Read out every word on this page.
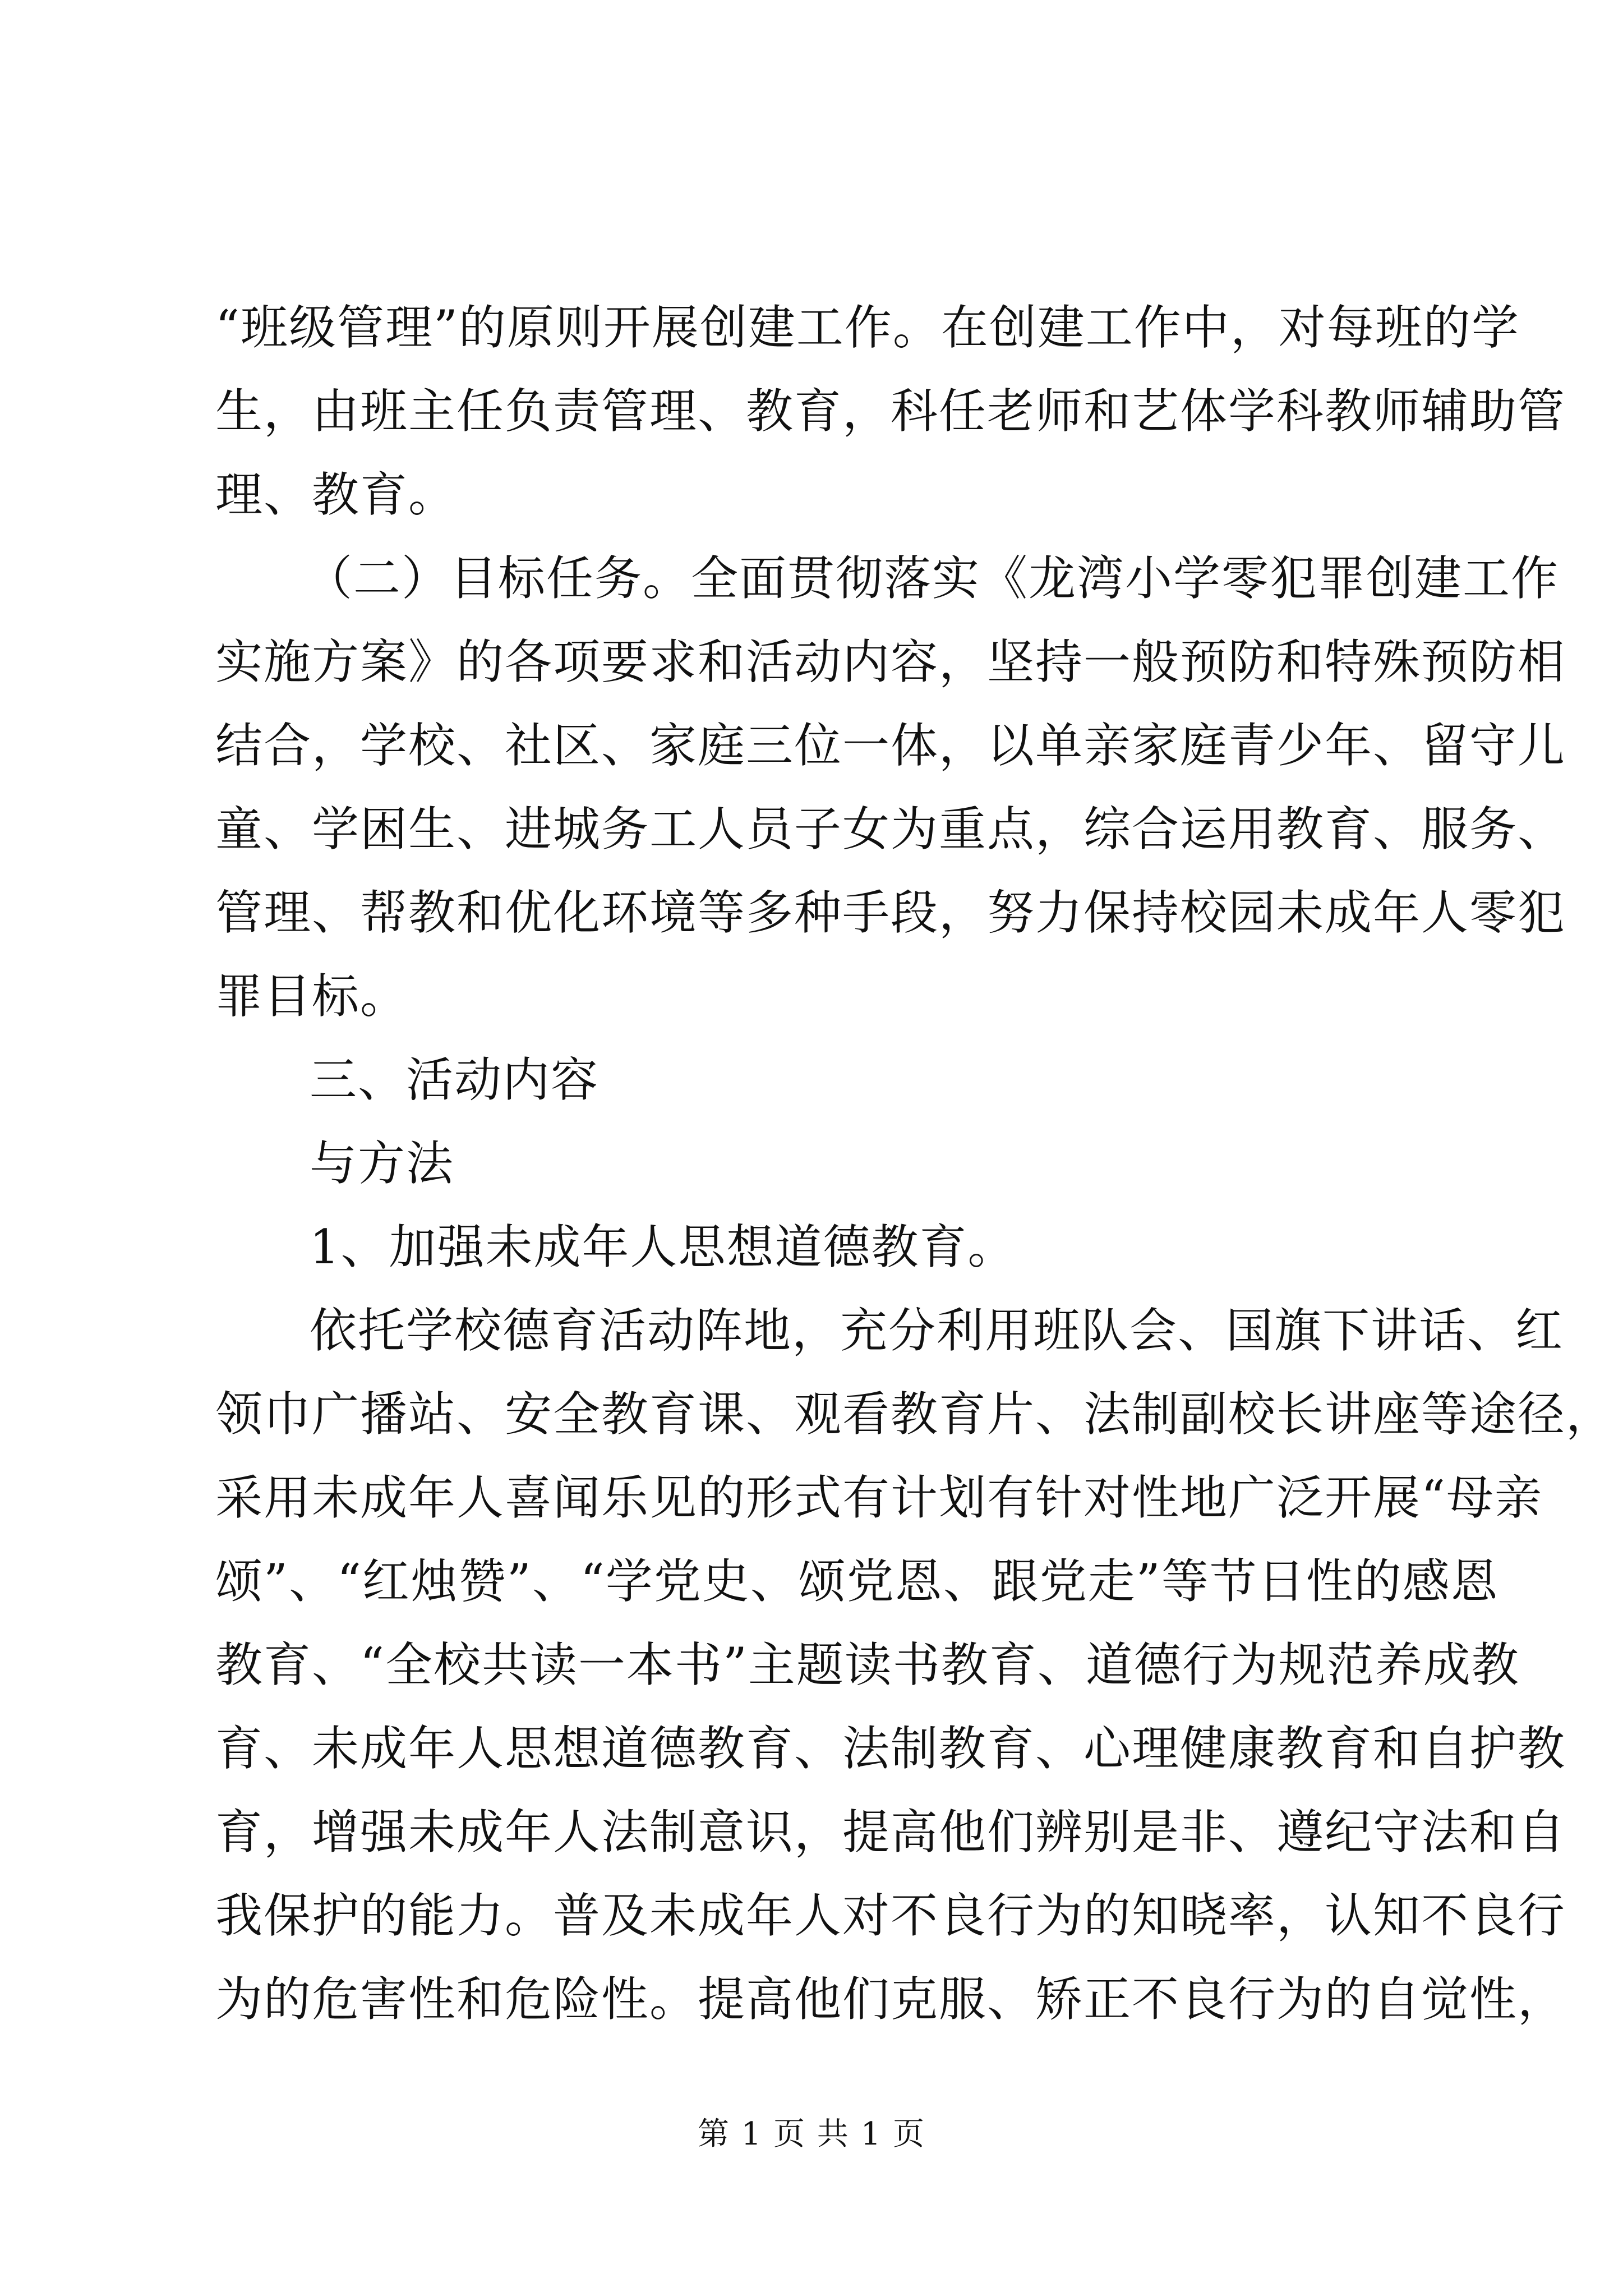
“班级管理”的原则开展创建工作。在创建工作中，对每班的学
生，由班主任负责管理、教育，科任老师和艺体学科教师辅助管
理、教育。
（二）目标任务。全面贯彻落实《龙湾小学零犯罪创建工作
实施方案》的各项要求和活动内容，坚持一般预防和特殊预防相
结合，学校、社区、家庭三位一体，以单亲家庭青少年、留守儿
童、学困生、进城务工人员子女为重点，综合运用教育、服务、
管理、帮教和优化环境等多种手段，努力保持校园未成年人零犯
罪目标。
三、活动内容
与方法
1、加强未成年人思想道德教育。
依托学校德育活动阵地，充分利用班队会、国旗下讲话、红
领巾广播站、安全教育课、观看教育片、法制副校长讲座等途径，
采用未成年人喜闻乐见的形式有计划有针对性地广泛开展“母亲
颂”、“红烛赞”、“学党史、颂党恩、跟党走”等节日性的感恩
教育、“全校共读一本书”主题读书教育、道德行为规范养成教
育、未成年人思想道德教育、法制教育、心理健康教育和自护教
育，增强未成年人法制意识，提高他们辨别是非、遵纪守法和自
我保护的能力。普及未成年人对不良行为的知晓率，认知不良行
为的危害性和危险性。提高他们克服、矫正不良行为的自觉性，
第 1 页 共 1 页
